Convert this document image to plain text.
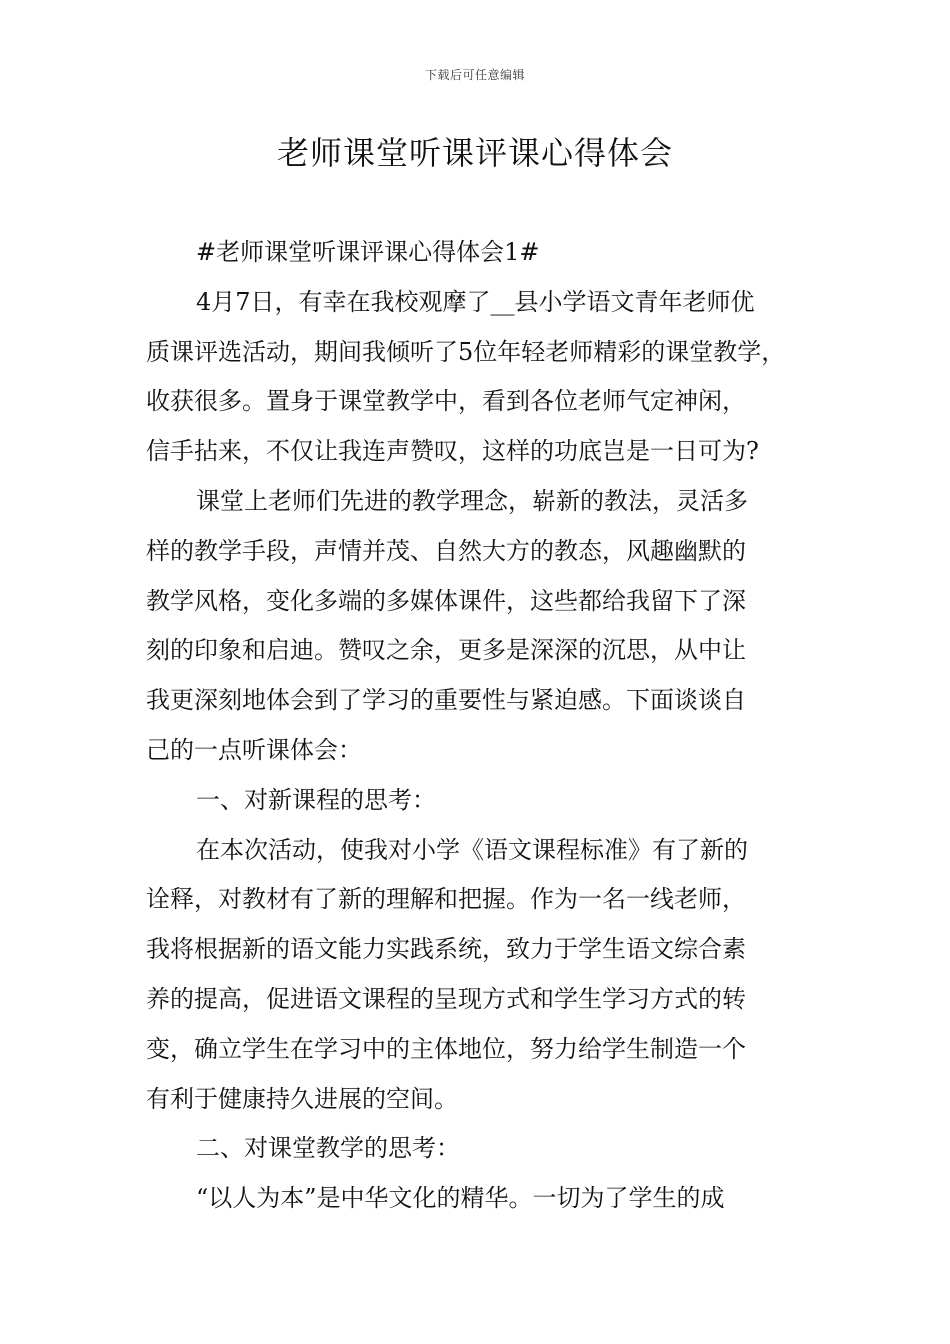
下载后可任意编辑
老师课堂听课评课心得体会
#老师课堂听课评课心得体会1#
4月7日，有幸在我校观摩了__县小学语文青年老师优
质课评选活动，期间我倾听了5位年轻老师精彩的课堂教学，
收获很多。置身于课堂教学中，看到各位老师气定神闲，
信手拈来，不仅让我连声赞叹，这样的功底岂是一日可为?
课堂上老师们先进的教学理念，崭新的教法，灵活多
样的教学手段，声情并茂、自然大方的教态，风趣幽默的
教学风格，变化多端的多媒体课件，这些都给我留下了深
刻的印象和启迪。赞叹之余，更多是深深的沉思，从中让
我更深刻地体会到了学习的重要性与紧迫感。下面谈谈自
己的一点听课体会：
一、对新课程的思考：
在本次活动，使我对小学《语文课程标准》有了新的
诠释，对教材有了新的理解和把握。作为一名一线老师，
我将根据新的语文能力实践系统，致力于学生语文综合素
养的提高，促进语文课程的呈现方式和学生学习方式的转
变，确立学生在学习中的主体地位，努力给学生制造一个
有利于健康持久进展的空间。
二、对课堂教学的思考：
“以人为本”是中华文化的精华。一切为了学生的成
